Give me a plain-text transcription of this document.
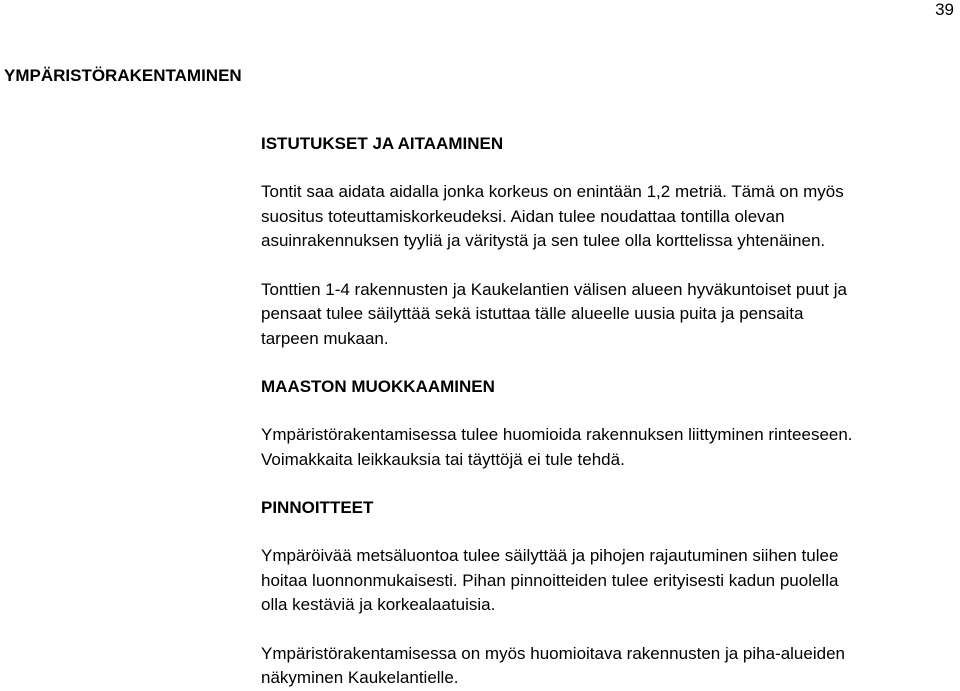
39
YMPÄRISTÖRAKENTAMINEN
ISTUTUKSET JA AITAAMINEN

Tontit saa aidata aidalla jonka korkeus on enintään 1,2 metriä. Tämä on myös
suositus toteuttamiskorkeudeksi. Aidan tulee noudattaa tontilla olevan
asuinrakennuksen tyyliä ja väritystä ja sen tulee olla korttelissa yhtenäinen.

Tonttien 1-4 rakennusten ja Kaukelantien välisen alueen hyväkuntoiset puut ja
pensaat tulee säilyttää sekä istuttaa tälle alueelle uusia puita ja pensaita
tarpeen mukaan.

MAASTON MUOKKAAMINEN

Ympäristörakentamisessa tulee huomioida rakennuksen liittyminen rinteeseen.
Voimakkaita leikkauksia tai täyttöjä ei tule tehdä.

PINNOITTEET

Ympäröivää metsäluontoa tulee säilyttää ja pihojen rajautuminen siihen tulee
hoitaa luonnonmukaisesti. Pihan pinnoitteiden tulee erityisesti kadun puolella
olla kestäviä ja korkealaatuisia.

Ympäristörakentamisessa on myös huomioitava rakennusten ja piha-alueiden
näkyminen Kaukelantielle.
